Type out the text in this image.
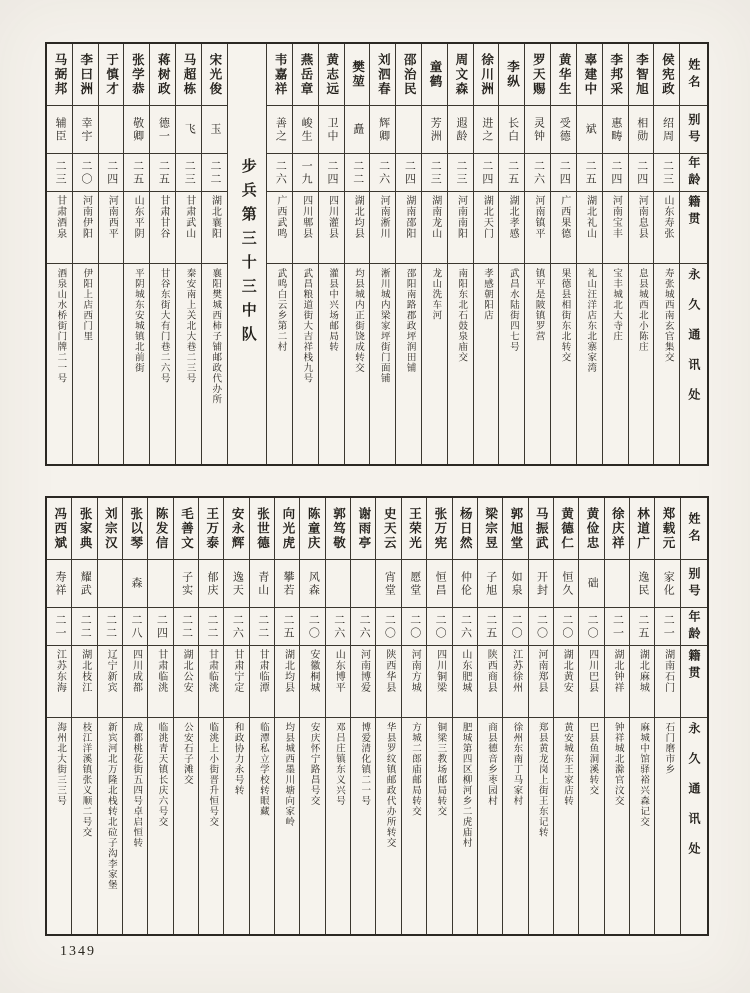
马弼邦
辅臣
二三
甘肃酒泉
酒泉山水桥街门牌二一号
李曰洲
幸宇
二〇
河南伊阳
伊阳上店西门里
于慎才
二四
河南西平
张学恭
敬卿
二五
山东平阴
平阴城东安城镇北前街
蒋树政
德一
二五
甘肃甘谷
甘谷东街大有门巷二六号
马超栋
飞
二三
甘肃武山
秦安南上关北大巷二三号
宋光俊
玉
二二
湖北襄阳
襄阳樊城西柿子铺邮政代办所 步兵第三十三中队
韦嘉祥
善之
二六
广西武鸣
武鸣白云乡第二村
燕岳章
峻生
一九
四川郫县
武昌粮道街大吉祥栈九号
黄志远
卫中
二四
四川灌县
灌县中兴场邮局转
樊堃
矗
二二
湖北均县
均县城内正街饶成转交
刘泗春
辉卿
二六
河南淅川
淅川城内梁家坪街门面铺
邵治民
二四
湖南邵阳
邵阳南路郡政坪润田铺
童鹤
芳洲
二三
湖南龙山
龙山洗车河
周文森
遐龄
二三
河南南阳
南阳东北石鼓泉庙交
徐川洲
进之
二四
湖北天门
孝感朝阳店
李纵
长白
二五
湖北孝感
武昌水陆街四七号
罗天赐
灵钟
二六
河南镇平
镇平是陂镇罗营
黄华生
受德
二四
广西果德
果德县相街东北转交
辜建中
斌
二五
湖北礼山
礼山汪洋店东北寨家湾
李邦采
惠畴
二四
河南宝丰
宝丰城北大寺庄
李智旭
相勋
二四
河南息县
息县城西北小陈庄
侯宪政
绍周
二三
山东寿张
寿张城西南玄官集交
姓名
别号
年龄
籍贯
永久通讯处
冯西斌
寿祥
二一
江苏东海
海州北大街三三号
张家典
耀武
二二
湖北枝江
枝江洋溪镇张义顺二号交
刘宗汉
二二
辽宁新宾
新宾河北万隆北栈转北砬子沟李家堡
张以琴
森
二八
四川成都
成都桃花街五四号卓启恒转
陈发信
二四
甘肃临洮
临洮青天镇长庆六号交
毛善文
子实
二二
湖北公安
公安石子滩交
王万泰
郁庆
二二
甘肃临洮
临洮上小街晋升恒号交
安永辉
逸天
二六
甘肃宁定
和政协力永号转
张世德
青山
二二
甘肃临潭
临潭私立学校转眼藏
向光虎
攀若
二五
湖北均县
均县城西墨川塘向家岭
陈童庆
风森
二〇
安徽桐城
安庆怀宁路昌号交
郭笃敬
二六
山东博平
邓吕庄镇东义兴号
谢雨亭
二六
河南博爱
博爱清化镇二一号
史天云
宵堂
二〇
陕西华县
华县罗纹镇邮政代办所转交
王荣光
愿堂
二〇
河南方城
方城二郎庙邮局转交
张万宪
恒昌
二〇
四川铜梁
铜梁三教场邮局转交
杨日然
仲伦
二六
山东肥城
肥城第四区柳河乡二虎庙村
梁宗昱
子旭
二五
陕西商县
商县德音乡枣园村
郭旭堂
如泉
二〇
江苏徐州
徐州东南丁马家村
马振武
开封
二〇
河南郑县
郑县黄龙岗上街王东记转
黄德仁
恒久
二〇
湖北黄安
黄安城东王家店转
黄俭忠
础
二〇
四川巴县
巴县鱼洞溪转交
徐庆祥
二一
湖北钟祥
钟祥城北滁官汶交
林道广
逸民
二五
湖北麻城
麻城中馆驿裕兴森记交
郑载元
家化
二一
湖南石门
石门磨市乡
姓名
别号
年龄
籍贯
永久通讯处
1349
